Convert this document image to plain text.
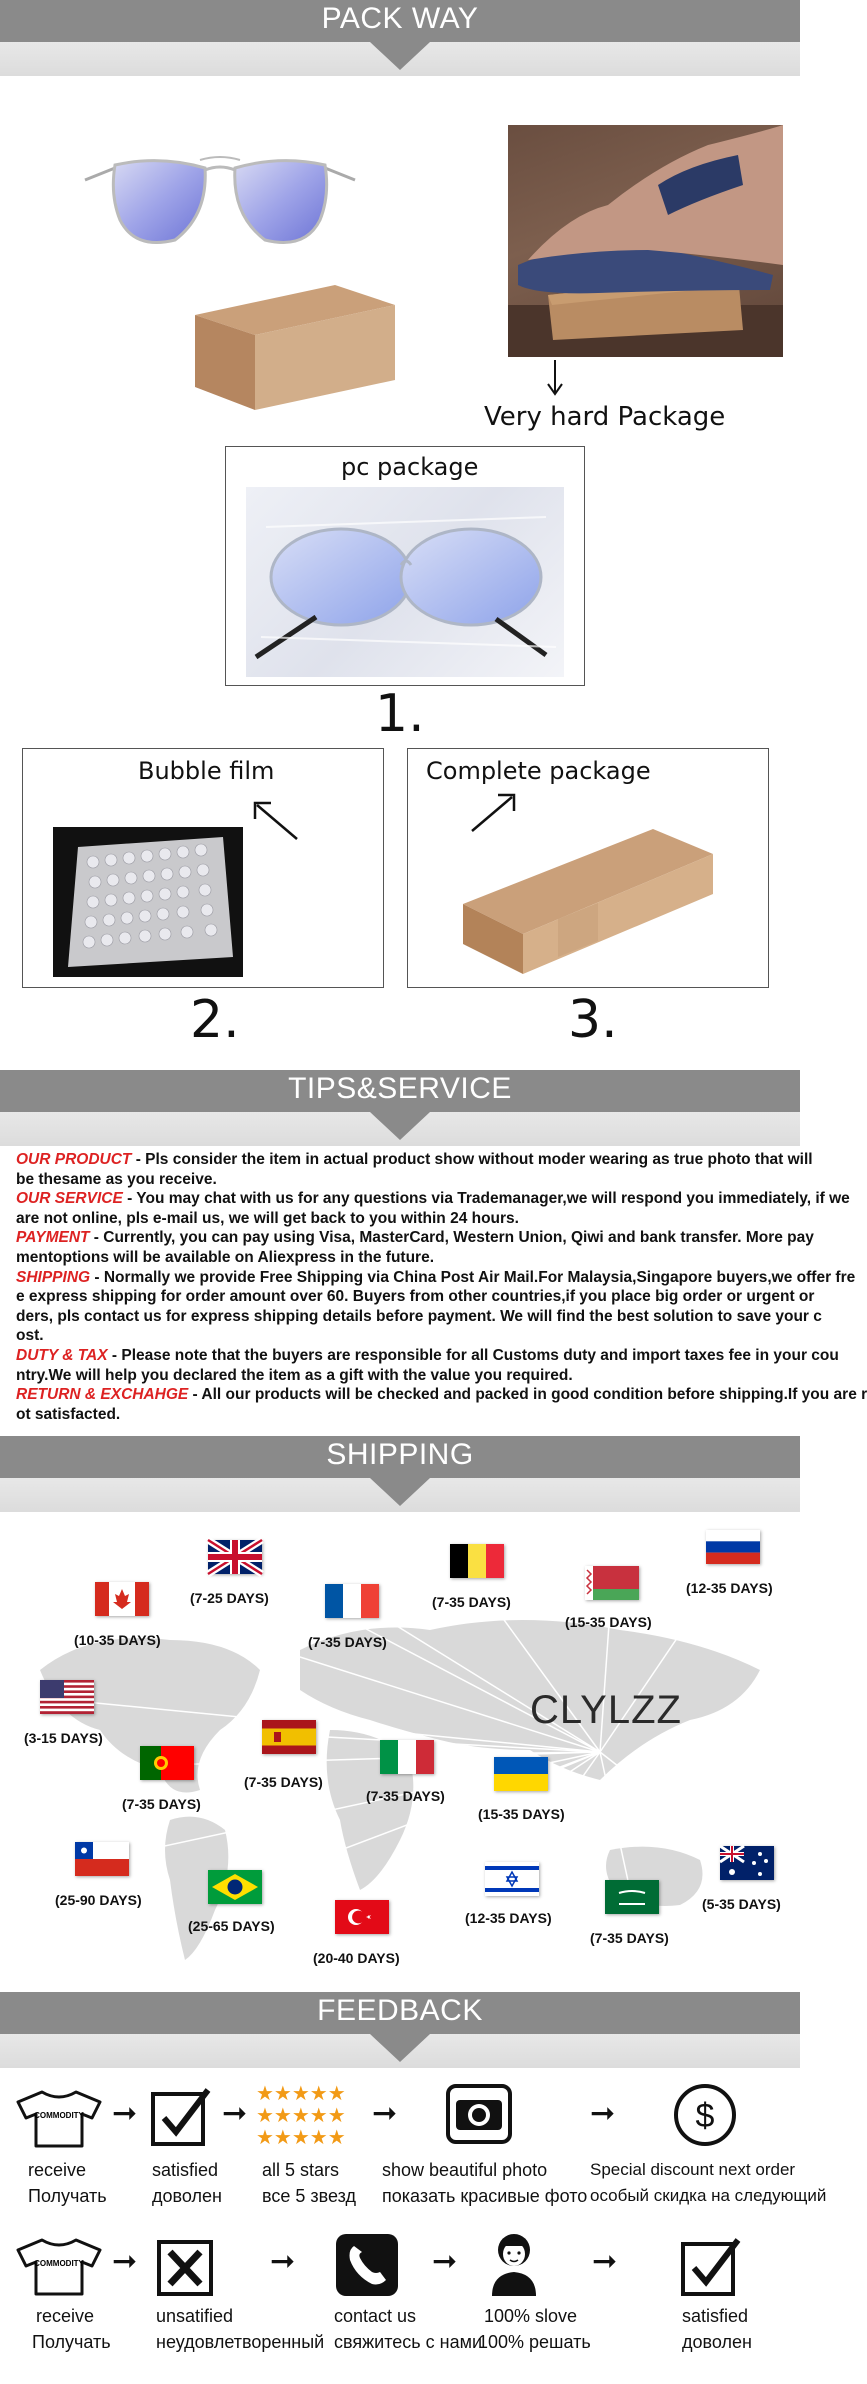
PACK WAY
Very hard Package
pc package
1.
Bubble film
2.
Complete package
3.
TIPS&SERVICE
OUR PRODUCT - Pls consider the item in actual product show without moder wearing as true photo that will
be thesame as you receive.
OUR SERVICE - You may chat with us for any questions via Trademanager,we will respond you immediately, if we
are not online, pls e-mail us, we will get back to you within 24 hours.
PAYMENT - Currently, you can pay using Visa, MasterCard, Western Union, Qiwi and bank transfer. More pay
mentoptions will be available on Aliexpress in the future.
SHIPPING - Normally we provide Free Shipping via China Post Air Mail.For Malaysia,Singapore buyers,we offer fre
e express shipping for order amount over 60. Buyers from other countries,if you place big order or urgent or
ders, pls contact us for express shipping details before payment. We will find the best solution to save your c
ost.
DUTY & TAX - Please note that the buyers are responsible for all Customs duty and import taxes fee in your cou
ntry.We will help you declared the item as a gift with the value you required.
RETURN & EXCHAHGE - All our products will be checked and packed in good condition before shipping.If you are r
ot satisfacted.
SHIPPING
CLYLZZ
(7-25 DAYS)
(10-35 DAYS)	(7-35 DAYS)
(7-35 DAYS)
(15-35 DAYS)
(12-35 DAYS)
(3-15 DAYS)
(7-35 DAYS)
(7-35 DAYS)
(7-35 DAYS)
(15-35 DAYS)
(25-90 DAYS)
(25-65 DAYS)
(20-40 DAYS)
(12-35 DAYS)
(7-35 DAYS)
(5-35 DAYS)
FEEDBACK
COMMODITY ➞	➞
★★★★★
★★★★★
★★★★★
➞	➞ $
receive
Получать
satisfied
доволен
all 5 stars
все 5 звезд
show beautiful photo
показать красивые фото
Special discount next order
особый скидка на следующий
COMMODITY ➞	➞	➞	➞
receive
Получать
unsatified
неудовлетворенный
contact us
свяжитесь с нами
100% slove
100% решать
satisfied
доволен
